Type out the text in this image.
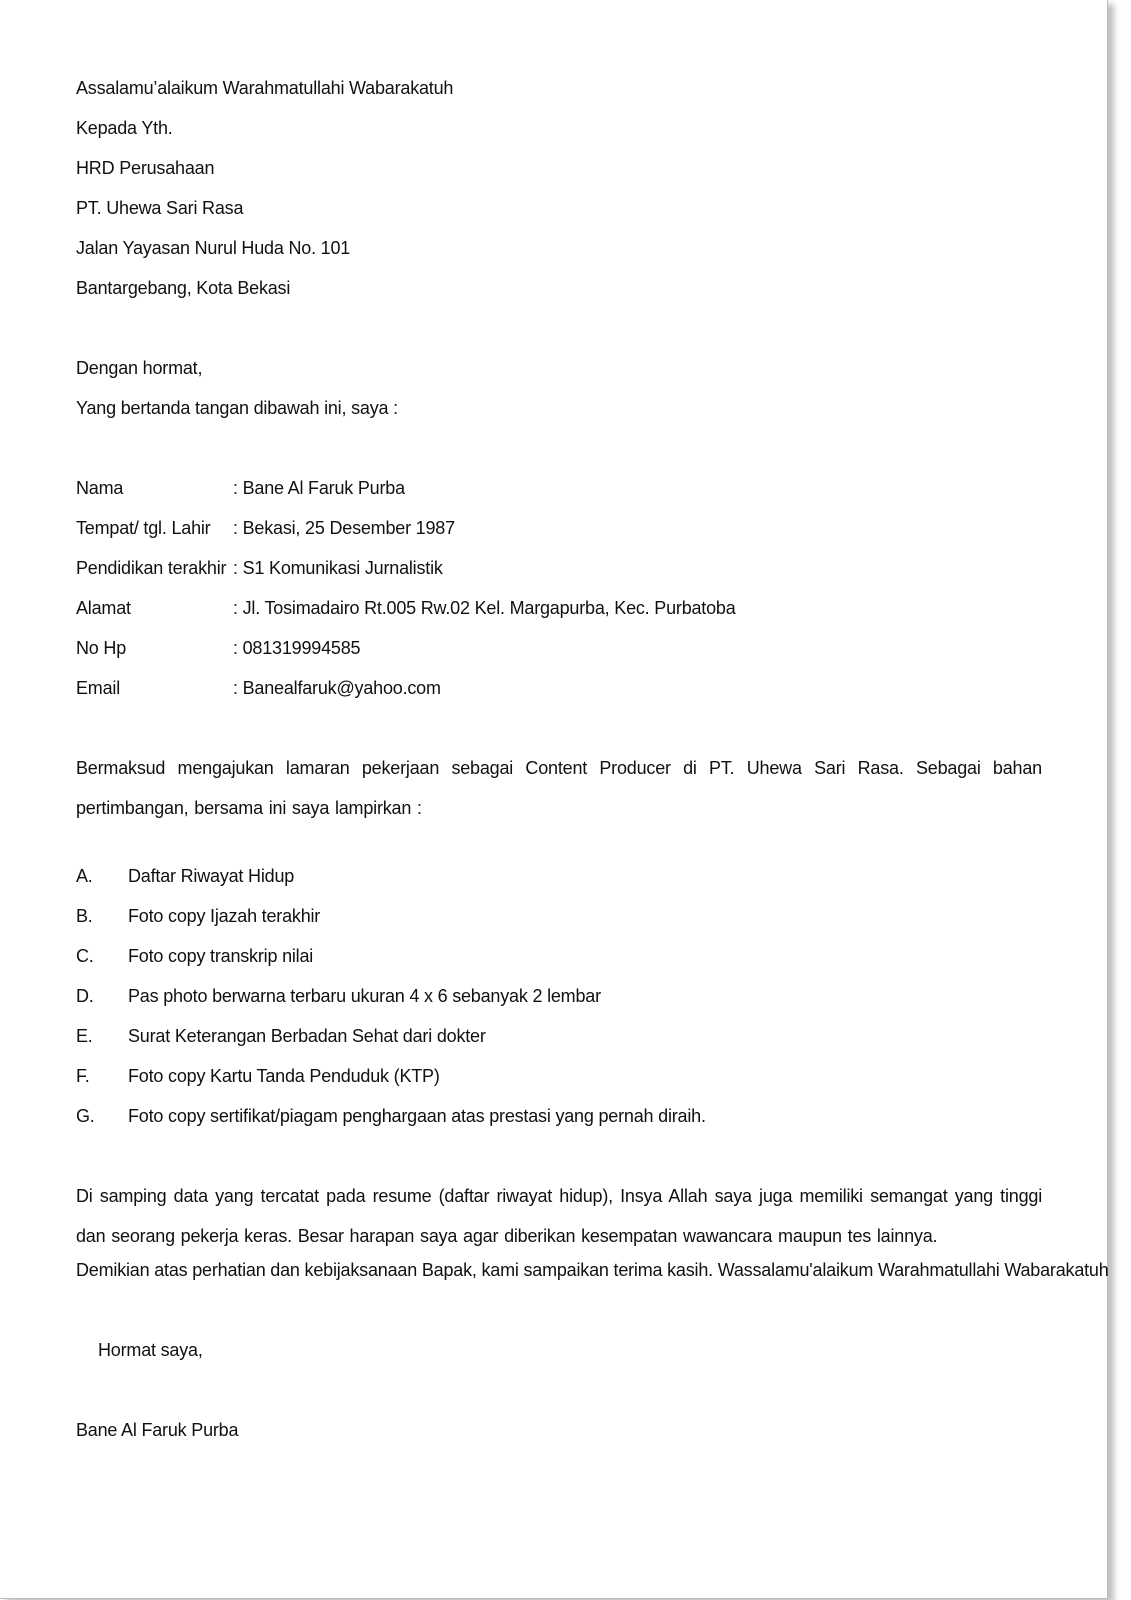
Assalamu’alaikum Warahmatullahi Wabarakatuh
Kepada Yth.
HRD Perusahaan
PT. Uhewa Sari Rasa
Jalan Yayasan Nurul Huda No. 101
Bantargebang, Kota Bekasi
Dengan hormat,
Yang bertanda tangan dibawah ini, saya :
Nama	: Bane Al Faruk Purba
Tempat/ tgl. Lahir	: Bekasi, 25 Desember 1987
Pendidikan terakhir : S1 Komunikasi Jurnalistik
Alamat	: Jl. Tosimadairo Rt.005 Rw.02 Kel. Margapurba, Kec. Purbatoba
No Hp	: 081319994585
Email	: Banealfaruk@yahoo.com
Bermaksud mengajukan lamaran pekerjaan sebagai Content Producer di PT. Uhewa Sari Rasa. Sebagai bahan pertimbangan, bersama ini saya lampirkan :
A.	Daftar Riwayat Hidup
B.	Foto copy Ijazah terakhir
C.	Foto copy transkrip nilai
D.	Pas photo berwarna terbaru ukuran 4 x 6 sebanyak 2 lembar
E.	Surat Keterangan Berbadan Sehat dari dokter
F.	Foto copy Kartu Tanda Penduduk (KTP)
G.	Foto copy sertifikat/piagam penghargaan atas prestasi yang pernah diraih.
Di samping data yang tercatat pada resume (daftar riwayat hidup), Insya Allah saya juga memiliki semangat yang tinggi dan seorang pekerja keras. Besar harapan saya agar diberikan kesempatan wawancara maupun tes lainnya.
Demikian atas perhatian dan kebijaksanaan Bapak, kami sampaikan terima kasih. Wassalamu'alaikum Warahmatullahi Wabarakatuh
Hormat saya,
Bane Al Faruk Purba
